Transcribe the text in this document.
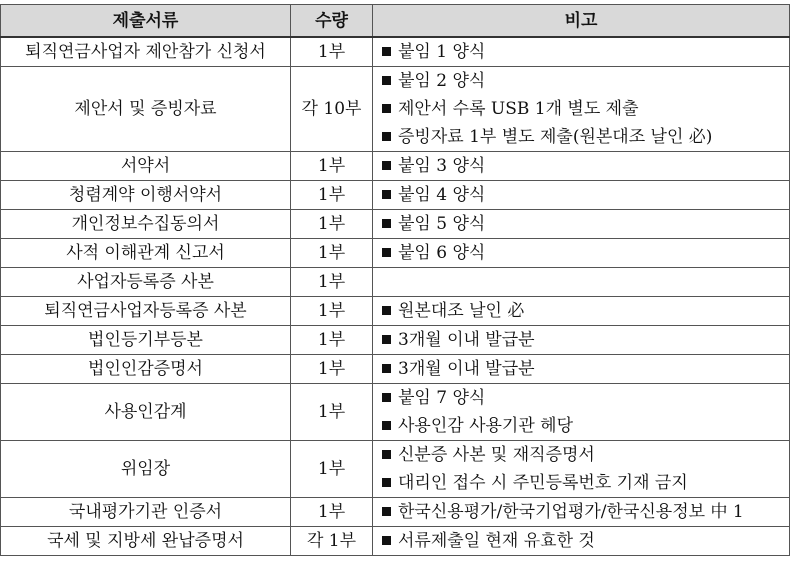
제출서류	수량	비고
퇴직연금사업자 제안참가 신청서	1부	붙임 1 양식

제안서 및 증빙자료	각 10부	붙임 2 양식
제안서 수록 USB 1개 별도 제출
증빙자료 1부 별도 제출(원본대조 날인 必)

서약서	1부	붙임 3 양식

청렴계약 이행서약서	1부	붙임 4 양식

개인정보수집동의서	1부	붙임 5 양식

사적 이해관계 신고서	1부	붙임 6 양식

사업자등록증 사본	1부	
퇴직연금사업자등록증 사본	1부	원본대조 날인 必

법인등기부등본	1부	3개월 이내 발급분

법인인감증명서	1부	3개월 이내 발급분

사용인감계	1부	붙임 7 양식
사용인감 사용기관 헤당

위임장	1부	신분증 사본 및 재직증명서
대리인 접수 시 주민등록번호 기재 금지

국내평가기관 인증서	1부	한국신용평가/한국기업평가/한국신용정보 中 1

국세 및 지방세 완납증명서	각 1부	서류제출일 현재 유효한 것
